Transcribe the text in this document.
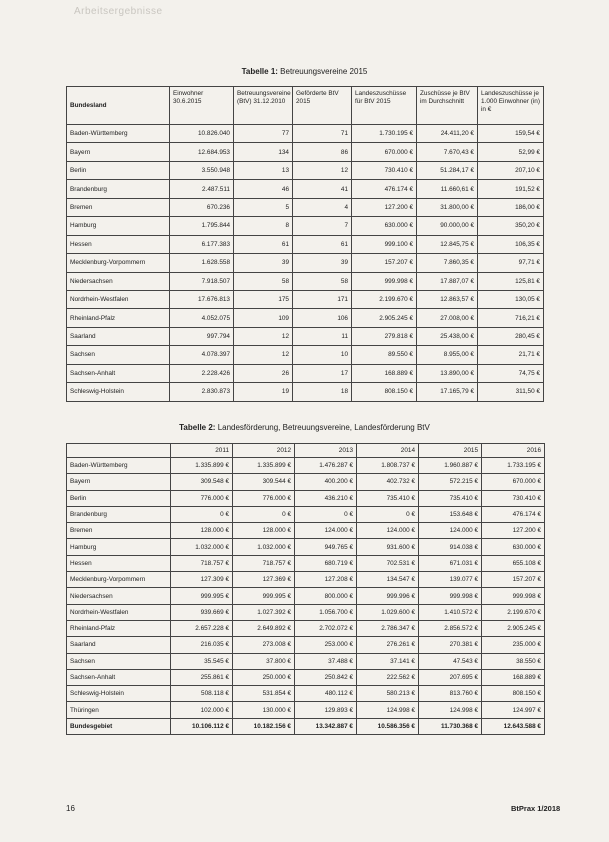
Arbeitsergebnisse
Tabelle 1: Betreuungsvereine 2015
Bundesland	Einwohner 30.6.2015	Betreuungsvereine (BtV) 31.12.2010	Geförderte BtV 2015	Landeszuschüsse für BtV 2015	Zuschüsse je BtV im Durchschnitt	Landeszuschüsse je 1.000 Einwohner (in) in €
Baden-Württemberg	10.826.040	77	71	1.730.195 €	24.411,20 €	159,54 €
Bayern	12.684.953	134	86	670.000 €	7.670,43 €	52,99 €
Berlin	3.550.948	13	12	730.410 €	51.284,17 €	207,10 €
Brandenburg	2.487.511	46	41	476.174 €	11.660,61 €	191,52 €
Bremen	670.236	5	4	127.200 €	31.800,00 €	186,00 €
Hamburg	1.795.844	8	7	630.000 €	90.000,00 €	350,20 €
Hessen	6.177.383	61	61	999.100 €	12.845,75 €	106,35 €
Mecklenburg-Vorpommern	1.628.558	39	39	157.207 €	7.860,35 €	97,71 €
Niedersachsen	7.918.507	58	58	999.998 €	17.887,07 €	125,81 €
Nordrhein-Westfalen	17.676.813	175	171	2.199.670 €	12.863,57 €	130,05 €
Rheinland-Pfalz	4.052.075	109	106	2.905.245 €	27.008,00 €	716,21 €
Saarland	997.794	12	11	279.818 €	25.438,00 €	280,45 €
Sachsen	4.078.397	12	10	89.550 €	8.955,00 €	21,71 €
Sachsen-Anhalt	2.228.426	26	17	168.889 €	13.890,00 €	74,75 €
Schleswig-Holstein	2.830.873	19	18	808.150 €	17.165,79 €	311,50 €
Tabelle 2: Landesförderung, Betreuungsvereine, Landesförderung BtV
	2011	2012	2013	2014	2015	2016
Baden-Württemberg	1.335.899 €	1.335.899 €	1.476.287 €	1.808.737 €	1.960.887 €	1.733.195 €
Bayern	309.548 €	309.544 €	400.200 €	402.732 €	572.215 €	670.000 €
Berlin	776.000 €	776.000 €	436.210 €	735.410 €	735.410 €	730.410 €
Brandenburg	0 €	0 €	0 €	0 €	153.648 €	476.174 €
Bremen	128.000 €	128.000 €	124.000 €	124.000 €	124.000 €	127.200 €
Hamburg	1.032.000 €	1.032.000 €	949.765 €	931.600 €	914.038 €	630.000 €
Hessen	718.757 €	718.757 €	680.719 €	702.531 €	671.031 €	655.108 €
Mecklenburg-Vorpommern	127.309 €	127.369 €	127.208 €	134.547 €	139.077 €	157.207 €
Niedersachsen	999.995 €	999.995 €	800.000 €	999.996 €	999.998 €	999.998 €
Nordrhein-Westfalen	939.669 €	1.027.392 €	1.056.700 €	1.029.600 €	1.410.572 €	2.199.670 €
Rheinland-Pfalz	2.657.228 €	2.649.892 €	2.702.072 €	2.786.347 €	2.856.572 €	2.905.245 €
Saarland	216.035 €	273.008 €	253.000 €	276.261 €	270.381 €	235.000 €
Sachsen	35.545 €	37.800 €	37.488 €	37.141 €	47.543 €	38.550 €
Sachsen-Anhalt	255.861 €	250.000 €	250.842 €	222.562 €	207.695 €	168.889 €
Schleswig-Holstein	508.118 €	531.854 €	480.112 €	580.213 €	813.760 €	808.150 €
Thüringen	102.000 €	130.000 €	129.893 €	124.998 €	124.998 €	124.997 €
Bundesgebiet	10.106.112 €	10.182.156 €	13.342.887 €	10.586.356 €	11.730.368 €	12.643.588 €
16	BtPrax 1/2018
